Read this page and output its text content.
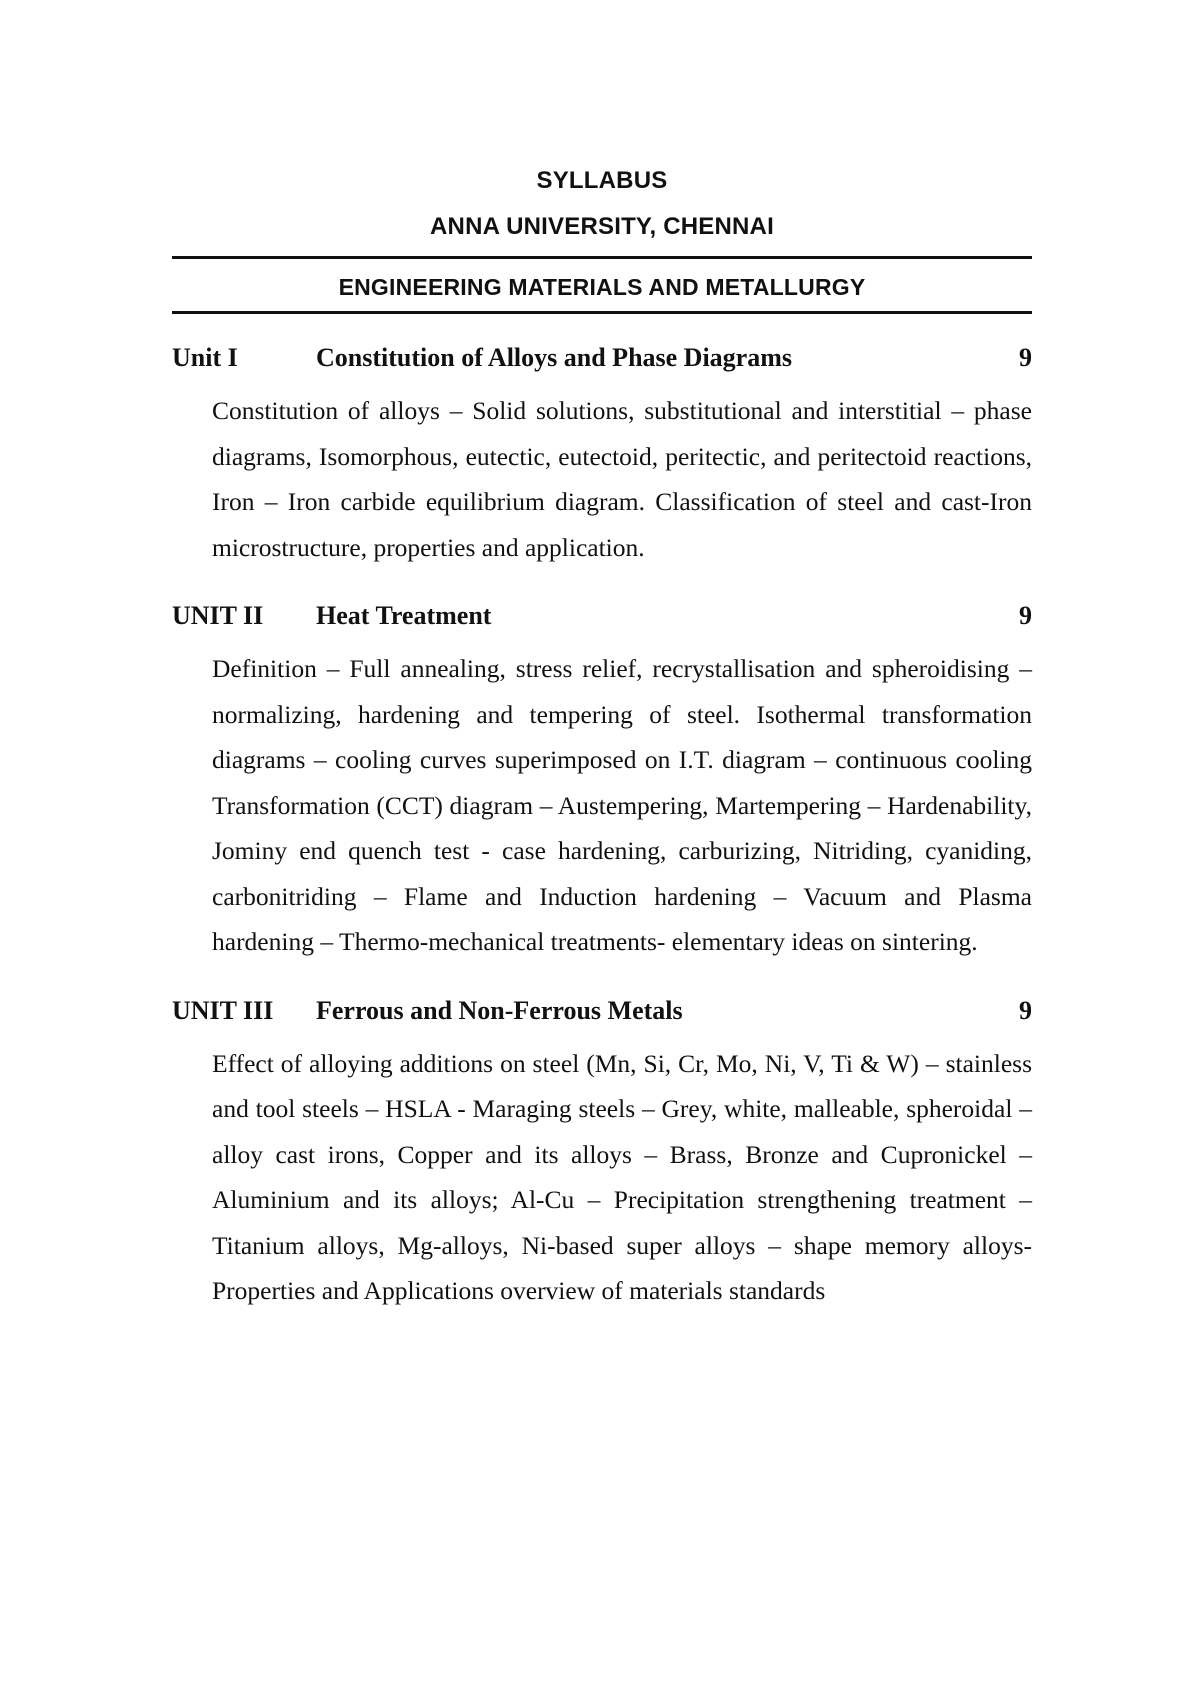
SYLLABUS
ANNA UNIVERSITY, CHENNAI
ENGINEERING MATERIALS AND METALLURGY
Unit I	Constitution of Alloys and Phase Diagrams	9
Constitution of alloys – Solid solutions, substitutional and interstitial – phase diagrams, Isomorphous, eutectic, eutectoid, peritectic, and peritectoid reactions, Iron – Iron carbide equilibrium diagram. Classification of steel and cast-Iron microstructure, properties and application.
UNIT II	Heat Treatment	9
Definition – Full annealing, stress relief, recrystallisation and spheroidising – normalizing, hardening and tempering of steel. Isothermal transformation diagrams – cooling curves superimposed on I.T. diagram – continuous cooling Transformation (CCT) diagram – Austempering, Martempering – Hardenability, Jominy end quench test - case hardening, carburizing, Nitriding, cyaniding, carbonitriding – Flame and Induction hardening – Vacuum and Plasma hardening – Thermo-mechanical treatments- elementary ideas on sintering.
UNIT III	Ferrous and Non-Ferrous Metals	9
Effect of alloying additions on steel (Mn, Si, Cr, Mo, Ni, V, Ti & W) – stainless and tool steels – HSLA - Maraging steels – Grey, white, malleable, spheroidal – alloy cast irons, Copper and its alloys – Brass, Bronze and Cupronickel – Aluminium and its alloys; Al-Cu – Precipitation strengthening treatment – Titanium alloys, Mg-alloys, Ni-based super alloys – shape memory alloys- Properties and Applications overview of materials standards
